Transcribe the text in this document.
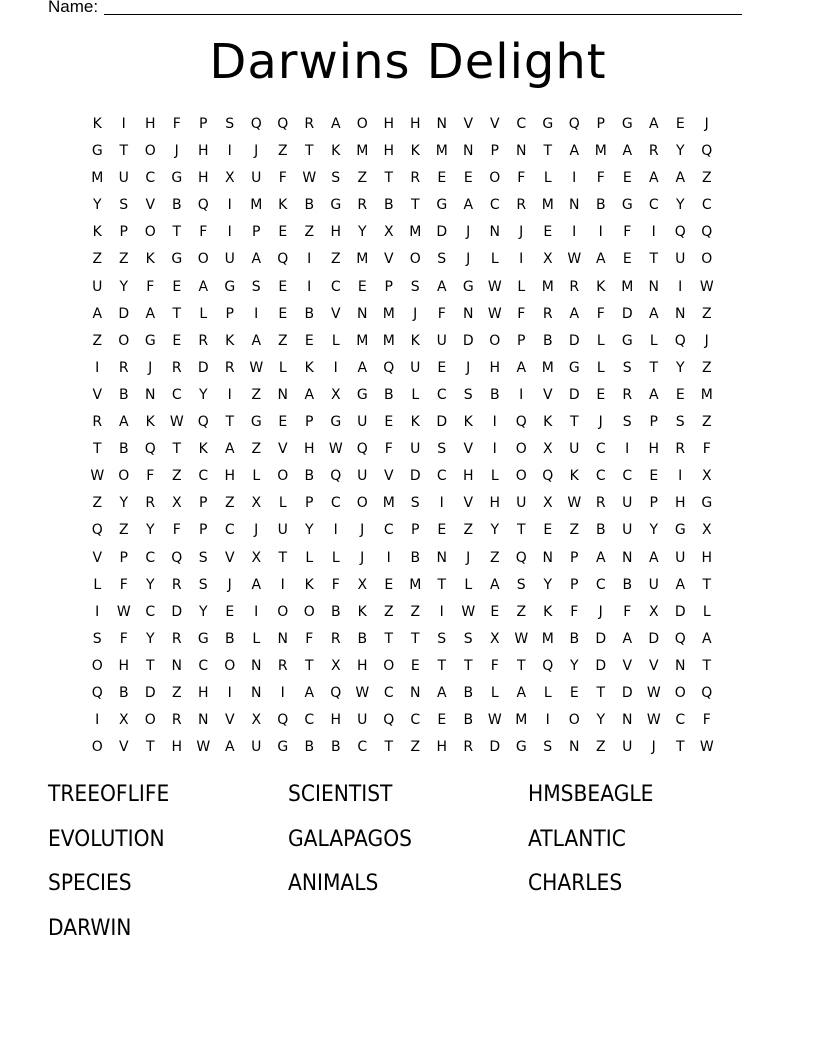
Name:
Darwins Delight
K	I	H	F	P	S	Q	Q	R	A	O	H	H	N	V	V	C	G	Q	P	G	A	E	J
G	T	O	J	H	I	J	Z	T	K	M	H	K	M	N	P	N	T	A	M	A	R	Y	Q
M	U	C	G	H	X	U	F	W	S	Z	T	R	E	E	O	F	L	I	F	E	A	A	Z
Y	S	V	B	Q	I	M	K	B	G	R	B	T	G	A	C	R	M	N	B	G	C	Y	C
K	P	O	T	F	I	P	E	Z	H	Y	X	M	D	J	N	J	E	I	I	F	I	Q	Q
Z	Z	K	G	O	U	A	Q	I	Z	M	V	O	S	J	L	I	X	W	A	E	T	U	O
U	Y	F	E	A	G	S	E	I	C	E	P	S	A	G	W	L	M	R	K	M	N	I	W
A	D	A	T	L	P	I	E	B	V	N	M	J	F	N	W	F	R	A	F	D	A	N	Z
Z	O	G	E	R	K	A	Z	E	L	M	M	K	U	D	O	P	B	D	L	G	L	Q	J
I	R	J	R	D	R	W	L	K	I	A	Q	U	E	J	H	A	M	G	L	S	T	Y	Z
V	B	N	C	Y	I	Z	N	A	X	G	B	L	C	S	B	I	V	D	E	R	A	E	M
R	A	K	W	Q	T	G	E	P	G	U	E	K	D	K	I	Q	K	T	J	S	P	S	Z
T	B	Q	T	K	A	Z	V	H	W	Q	F	U	S	V	I	O	X	U	C	I	H	R	F
W	O	F	Z	C	H	L	O	B	Q	U	V	D	C	H	L	O	Q	K	C	C	E	I	X
Z	Y	R	X	P	Z	X	L	P	C	O	M	S	I	V	H	U	X	W	R	U	P	H	G
Q	Z	Y	F	P	C	J	U	Y	I	J	C	P	E	Z	Y	T	E	Z	B	U	Y	G	X
V	P	C	Q	S	V	X	T	L	L	J	I	B	N	J	Z	Q	N	P	A	N	A	U	H
L	F	Y	R	S	J	A	I	K	F	X	E	M	T	L	A	S	Y	P	C	B	U	A	T
I	W	C	D	Y	E	I	O	O	B	K	Z	Z	I	W	E	Z	K	F	J	F	X	D	L
S	F	Y	R	G	B	L	N	F	R	B	T	T	S	S	X	W M	B	D	A	D	Q	A
O	H	T	N	C	O	N	R	T	X	H	O	E	T	T	F	T	Q	Y	D	V	V	N	T
Q	B	D	Z	H	I	N	I	A	Q	W	C	N	A	B	L	A	L	E	T	D	W	O	Q
I	X	O	R	N	V	X	Q	C	H	U	Q	C	E	B	W M	I	O	Y	N	W	C	F
O	V	T	H	W	A	U	G	B	B	C	T	Z	H	R	D	G	S	N	Z	U	J	T	W
TREEOFLIFE	SCIENTIST	HMSBEAGLE
EVOLUTION	GALAPAGOS	ATLANTIC
SPECIES	ANIMALS	CHARLES
DARWIN
